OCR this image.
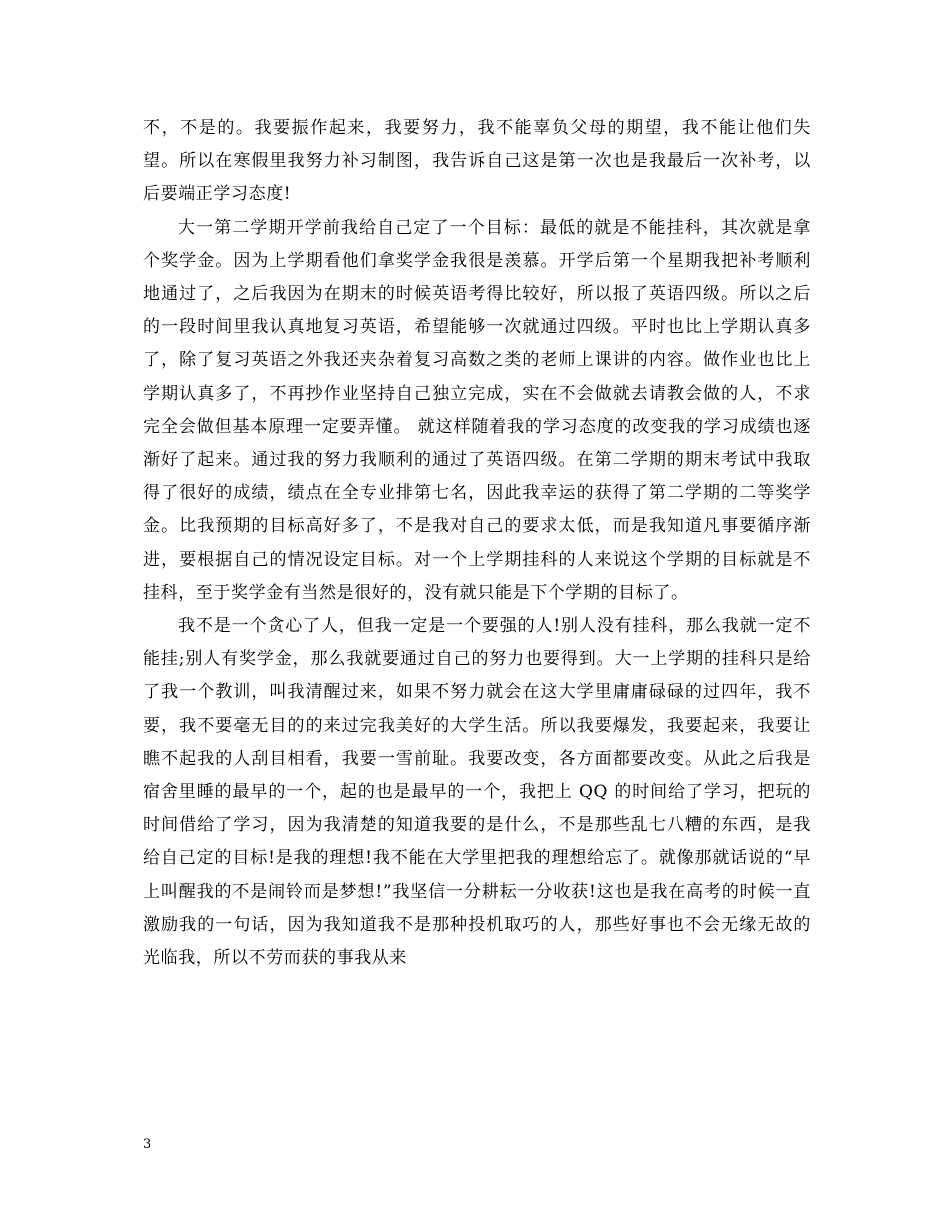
不，不是的。我要振作起来，我要努力，我不能辜负父母的期望，我不能让他们失望。所以在寒假里我努力补习制图，我告诉自己这是第一次也是我最后一次补考，以后要端正学习态度!

大一第二学期开学前我给自己定了一个目标：最低的就是不能挂科，其次就是拿个奖学金。因为上学期看他们拿奖学金我很是羡慕。开学后第一个星期我把补考顺利地通过了，之后我因为在期末的时候英语考得比较好，所以报了英语四级。所以之后的一段时间里我认真地复习英语，希望能够一次就通过四级。平时也比上学期认真多了，除了复习英语之外我还夹杂着复习高数之类的老师上课讲的内容。做作业也比上学期认真多了，不再抄作业坚持自己独立完成，实在不会做就去请教会做的人，不求完全会做但基本原理一定要弄懂。 就这样随着我的学习态度的改变我的学习成绩也逐渐好了起来。通过我的努力我顺利的通过了英语四级。在第二学期的期末考试中我取得了很好的成绩，绩点在全专业排第七名，因此我幸运的获得了第二学期的二等奖学金。比我预期的目标高好多了，不是我对自己的要求太低，而是我知道凡事要循序渐进，要根据自己的情况设定目标。对一个上学期挂科的人来说这个学期的目标就是不挂科，至于奖学金有当然是很好的，没有就只能是下个学期的目标了。

我不是一个贪心了人，但我一定是一个要强的人!别人没有挂科，那么我就一定不能挂;别人有奖学金，那么我就要通过自己的努力也要得到。大一上学期的挂科只是给了我一个教训，叫我清醒过来，如果不努力就会在这大学里庸庸碌碌的过四年，我不要，我不要毫无目的的来过完我美好的大学生活。所以我要爆发，我要起来，我要让瞧不起我的人刮目相看，我要一雪前耻。我要改变，各方面都要改变。从此之后我是宿舍里睡的最早的一个，起的也是最早的一个，我把上 QQ 的时间给了学习，把玩的时间借给了学习，因为我清楚的知道我要的是什么，不是那些乱七八糟的东西，是我给自己定的目标!是我的理想!我不能在大学里把我的理想给忘了。就像那就话说的“早上叫醒我的不是闹铃而是梦想!”我坚信一分耕耘一分收获!这也是我在高考的时候一直激励我的一句话，因为我知道我不是那种投机取巧的人，那些好事也不会无缘无故的光临我，所以不劳而获的事我从来

3
